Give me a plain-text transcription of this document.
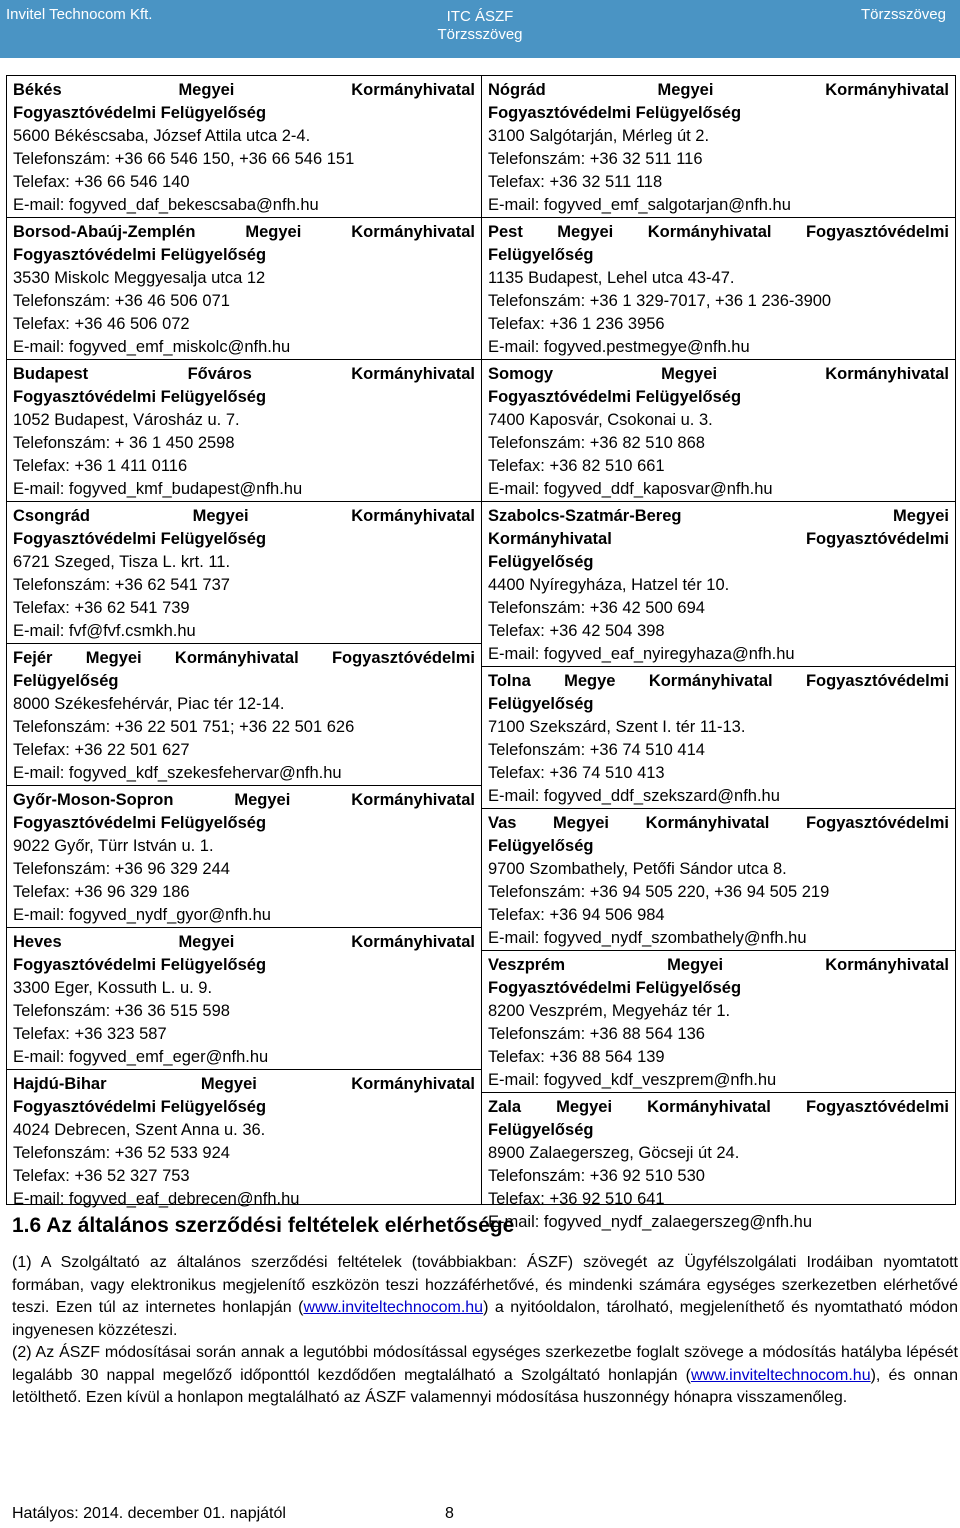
Invitel Technocom Kft.	ITC ÁSZF
Törzsszöveg
Törzsszöveg
Békés Megyei Kormányhivatal
Fogyasztóvédelmi Felügyelőség
5600 Békéscsaba, József Attila utca 2-4.
Telefonszám: +36 66 546 150, +36 66 546 151
Telefax: +36 66 546 140
E-mail: fogyved_daf_bekescsaba@nfh.hu
Borsod-Abaúj-Zemplén Megyei Kormányhivatal
Fogyasztóvédelmi Felügyelőség
3530 Miskolc Meggyesalja utca 12
Telefonszám: +36 46 506 071
Telefax: +36 46 506 072
E-mail: fogyved_emf_miskolc@nfh.hu
Budapest Főváros Kormányhivatal
Fogyasztóvédelmi Felügyelőség
1052 Budapest, Városház u. 7.
Telefonszám: + 36 1 450 2598
Telefax: +36 1 411 0116
E-mail: fogyved_kmf_budapest@nfh.hu
Csongrád Megyei Kormányhivatal
Fogyasztóvédelmi Felügyelőség
6721 Szeged, Tisza L. krt. 11.
Telefonszám: +36 62 541 737
Telefax: +36 62 541 739
E-mail: fvf@fvf.csmkh.hu
Fejér Megyei Kormányhivatal Fogyasztóvédelmi
Felügyelőség
8000 Székesfehérvár, Piac tér 12-14.
Telefonszám: +36 22 501 751; +36 22 501 626
Telefax: +36 22 501 627
E-mail: fogyved_kdf_szekesfehervar@nfh.hu
Győr-Moson-Sopron Megyei Kormányhivatal
Fogyasztóvédelmi Felügyelőség
9022 Győr, Türr István u. 1.
Telefonszám: +36 96 329 244
Telefax: +36 96 329 186
E-mail: fogyved_nydf_gyor@nfh.hu
Heves Megyei Kormányhivatal
Fogyasztóvédelmi Felügyelőség
3300 Eger, Kossuth L. u. 9.
Telefonszám: +36 36 515 598
Telefax: +36 323 587
E-mail: fogyved_emf_eger@nfh.hu
Hajdú-Bihar Megyei Kormányhivatal
Fogyasztóvédelmi Felügyelőség
4024 Debrecen, Szent Anna u. 36.
Telefonszám: +36 52 533 924
Telefax: +36 52 327 753
E-mail: fogyved_eaf_debrecen@nfh.hu
Nógrád Megyei Kormányhivatal
Fogyasztóvédelmi Felügyelőség
3100 Salgótarján, Mérleg út 2.
Telefonszám: +36 32 511 116
Telefax: +36 32 511 118
E-mail: fogyved_emf_salgotarjan@nfh.hu
Pest Megyei Kormányhivatal Fogyasztóvédelmi
Felügyelőség
1135 Budapest, Lehel utca 43-47.
Telefonszám: +36 1 329-7017, +36 1 236-3900
Telefax: +36 1 236 3956
E-mail: fogyved.pestmegye@nfh.hu
Somogy Megyei Kormányhivatal
Fogyasztóvédelmi Felügyelőség
7400 Kaposvár, Csokonai u. 3.
Telefonszám: +36 82 510 868
Telefax: +36 82 510 661
E-mail: fogyved_ddf_kaposvar@nfh.hu
Szabolcs-Szatmár-Bereg Megyei
Kormányhivatal Fogyasztóvédelmi
Felügyelőség
4400 Nyíregyháza, Hatzel tér 10.
Telefonszám: +36 42 500 694
Telefax: +36 42 504 398
E-mail: fogyved_eaf_nyiregyhaza@nfh.hu
Tolna Megye Kormányhivatal Fogyasztóvédelmi
Felügyelőség
7100 Szekszárd, Szent I. tér 11-13.
Telefonszám: +36 74 510 414
Telefax: +36 74 510 413
E-mail: fogyved_ddf_szekszard@nfh.hu
Vas Megyei Kormányhivatal Fogyasztóvédelmi
Felügyelőség
9700 Szombathely, Petőfi Sándor utca 8.
Telefonszám: +36 94 505 220, +36 94 505 219
Telefax: +36 94 506 984
E-mail: fogyved_nydf_szombathely@nfh.hu
Veszprém Megyei Kormányhivatal
Fogyasztóvédelmi Felügyelőség
8200 Veszprém, Megyeház tér 1.
Telefonszám: +36 88 564 136
Telefax: +36 88 564 139
E-mail: fogyved_kdf_veszprem@nfh.hu
Zala Megyei Kormányhivatal Fogyasztóvédelmi
Felügyelőség
8900 Zalaegerszeg, Göcseji út 24.
Telefonszám: +36 92 510 530
Telefax: +36 92 510 641
E-mail: fogyved_nydf_zalaegerszeg@nfh.hu
1.6 Az általános szerződési feltételek elérhetősége

(1) A Szolgáltató az általános szerződési feltételek (továbbiakban: ÁSZF) szövegét az Ügyfélszolgálati Irodáiban nyomtatott formában, vagy elektronikus megjelenítő eszközön teszi hozzáférhetővé, és mindenki számára egységes szerkezetben elérhetővé teszi. Ezen túl az internetes honlapján (www.inviteltechnocom.hu) a nyitóoldalon, tárolható, megjeleníthető és nyomtatható módon ingyenesen közzéteszi.

(2) Az ÁSZF módosításai során annak a legutóbbi módosítással egységes szerkezetbe foglalt szövege a módosítás hatályba lépését legalább 30 nappal megelőző időponttól kezdődően megtalálható a Szolgáltató honlapján (www.inviteltechnocom.hu), és onnan letölthető. Ezen kívül a honlapon megtalálható az ÁSZF valamennyi módosítása huszonnégy hónapra visszamenőleg.

Hatályos: 2014. december 01. napjától	8
